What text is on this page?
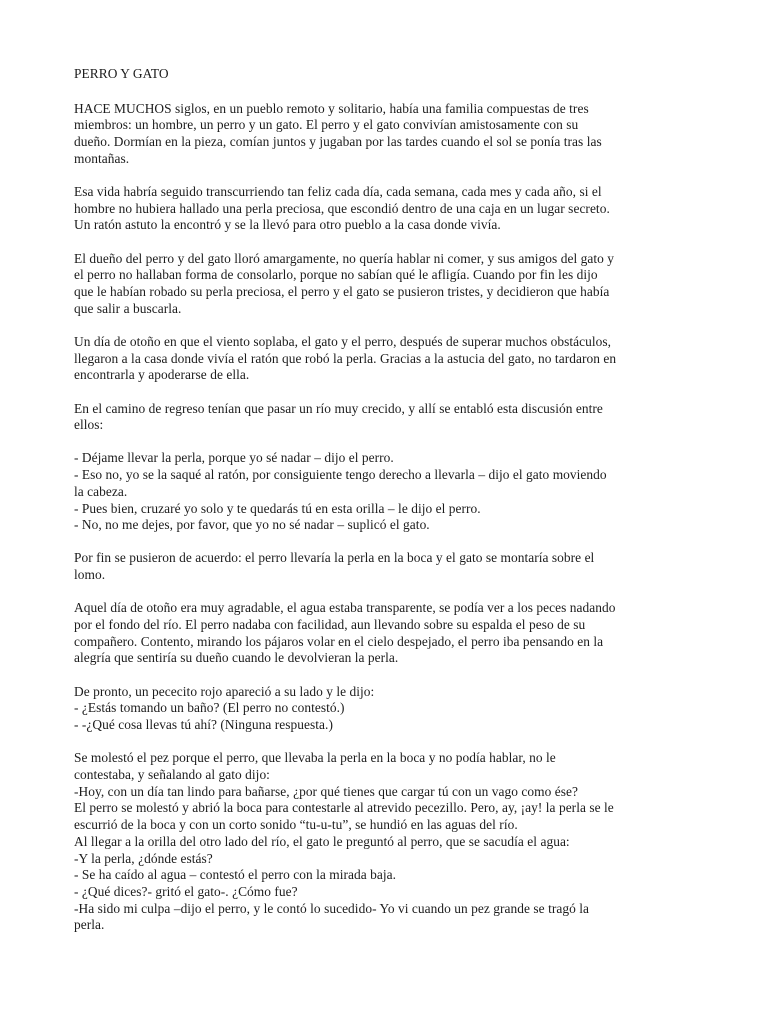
PERRO Y GATO
HACE MUCHOS siglos, en un pueblo remoto y solitario, había una familia compuestas de tres
miembros: un hombre, un perro y un gato. El perro y el gato convivían amistosamente con su
dueño. Dormían en la pieza, comían juntos y jugaban por las tardes cuando el sol se ponía tras las
montañas.
Esa vida habría seguido transcurriendo tan feliz cada día, cada semana, cada mes y cada año, si el
hombre no hubiera hallado una perla preciosa, que escondió dentro de una caja en un lugar secreto.
Un ratón astuto la encontró y se la llevó para otro pueblo a la casa donde vivía.
El dueño del perro y del gato lloró amargamente, no quería hablar ni comer, y sus amigos del gato y
el perro no hallaban forma de consolarlo, porque no sabían qué le afligía. Cuando por fin les dijo
que le habían robado su perla preciosa, el perro y el gato se pusieron tristes, y decidieron que había
que salir a buscarla.
Un día de otoño en que el viento soplaba, el gato y el perro, después de superar muchos obstáculos,
llegaron a la casa donde vivía el ratón que robó la perla. Gracias a la astucia del gato, no tardaron en
encontrarla y apoderarse de ella.
En el camino de regreso tenían que pasar un río muy crecido, y allí se entabló esta discusión entre
ellos:
- Déjame llevar la perla, porque yo sé nadar – dijo el perro.
- Eso no, yo se la saqué al ratón, por consiguiente tengo derecho a llevarla – dijo el gato moviendo
la cabeza.
- Pues bien, cruzaré yo solo y te quedarás tú en esta orilla – le dijo el perro.
- No, no me dejes, por favor, que yo no sé nadar – suplicó el gato.
Por fin se pusieron de acuerdo: el perro llevaría la perla en la boca y el gato se montaría sobre el
lomo.
Aquel día de otoño era muy agradable, el agua estaba transparente, se podía ver a los peces nadando
por el fondo del río. El perro nadaba con facilidad, aun llevando sobre su espalda el peso de su
compañero. Contento, mirando los pájaros volar en el cielo despejado, el perro iba pensando en la
alegría que sentiría su dueño cuando le devolvieran la perla.
De pronto, un pececito rojo apareció a su lado y le dijo:
- ¿Estás tomando un baño? (El perro no contestó.)
- -¿Qué cosa llevas tú ahí? (Ninguna respuesta.)
Se molestó el pez porque el perro, que llevaba la perla en la boca y no podía hablar, no le
contestaba, y señalando al gato dijo:
-Hoy, con un día tan lindo para bañarse, ¿por qué tienes que cargar tú con un vago como ése?
El perro se molestó y abrió la boca para contestarle al atrevido pecezillo. Pero, ay, ¡ay! la perla se le
escurrió de la boca y con un corto sonido “tu-u-tu”, se hundió en las aguas del río.
Al llegar a la orilla del otro lado del río, el gato le preguntó al perro, que se sacudía el agua:
-Y la perla, ¿dónde estás?
- Se ha caído al agua – contestó el perro con la mirada baja.
- ¿Qué dices?- gritó el gato-. ¿Cómo fue?
-Ha sido mi culpa –dijo el perro, y le contó lo sucedido- Yo vi cuando un pez grande se tragó la
perla.
